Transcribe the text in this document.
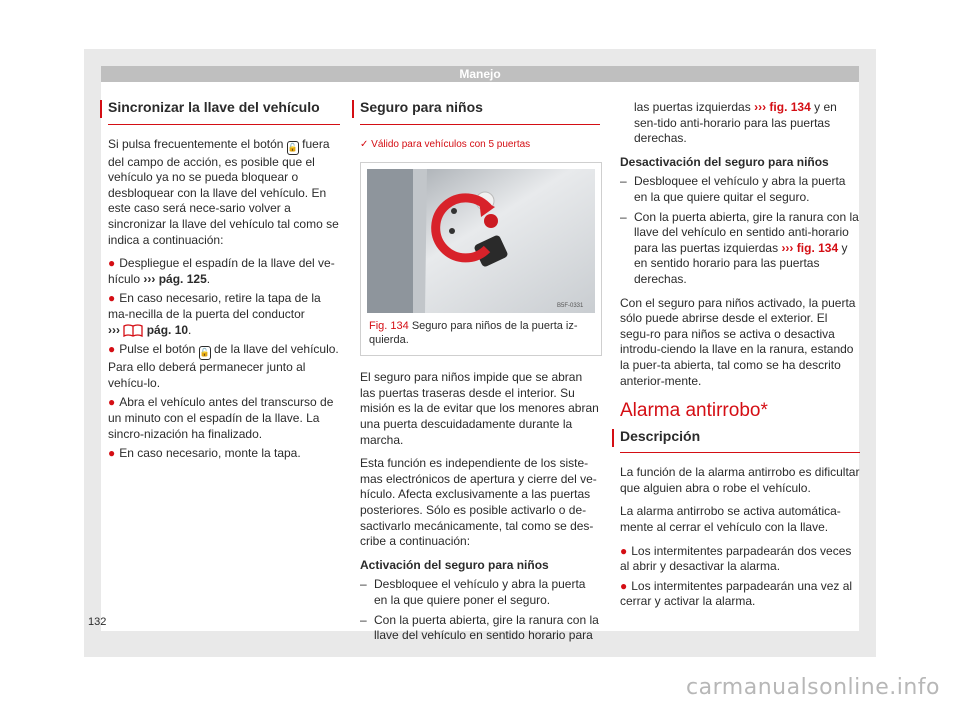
Manejo
Sincronizar la llave del vehículo

Si pulsa frecuentemente el botón 🔓 fuera del campo de acción, es posible que el vehículo ya no se pueda bloquear o desbloquear con la llave del vehículo. En este caso será nece-sario volver a sincronizar la llave del vehículo tal como se indica a continuación:

● Despliegue el espadín de la llave del ve-hículo ››› pág. 125.
● En caso necesario, retire la tapa de la ma-necilla de la puerta del conductor
››› pág. 10.
● Pulse el botón 🔓 de la llave del vehículo. Para ello deberá permanecer junto al vehícu-lo.
● Abra el vehículo antes del transcurso de un minuto con el espadín de la llave. La sincro-nización ha finalizado.
● En caso necesario, monte la tapa.
Seguro para niños
✓ Válido para vehículos con 5 puertas
B5F-0331
Fig. 134 Seguro para niños de la puerta iz-quierda.

El seguro para niños impide que se abran las puertas traseras desde el interior. Su misión es la de evitar que los menores abran una puerta descuidadamente durante la marcha.

Esta función es independiente de los siste-mas electrónicos de apertura y cierre del ve-hículo. Afecta exclusivamente a las puertas posteriores. Sólo es posible activarlo o de-sactivarlo mecánicamente, tal como se des-cribe a continuación:

Activación del seguro para niños

– Desbloquee el vehículo y abra la puerta en la que quiere poner el seguro.
– Con la puerta abierta, gire la ranura con la llave del vehículo en sentido horario para
las puertas izquierdas ››› fig. 134 y en sen-tido anti-horario para las puertas derechas.

Desactivación del seguro para niños

– Desbloquee el vehículo y abra la puerta en la que quiere quitar el seguro.
– Con la puerta abierta, gire la ranura con la llave del vehículo en sentido anti-horario para las puertas izquierdas ››› fig. 134 y en sentido horario para las puertas derechas.

Con el seguro para niños activado, la puerta sólo puede abrirse desde el exterior. El segu-ro para niños se activa o desactiva introdu-ciendo la llave en la ranura, estando la puer-ta abierta, tal como se ha descrito anterior-mente.

Alarma antirrobo*
Descripción

La función de la alarma antirrobo es dificultar que alguien abra o robe el vehículo.

La alarma antirrobo se activa automática-mente al cerrar el vehículo con la llave.

● Los intermitentes parpadearán dos veces al abrir y desactivar la alarma.
● Los intermitentes parpadearán una vez al cerrar y activar la alarma.
132
carmanualsonline.info
